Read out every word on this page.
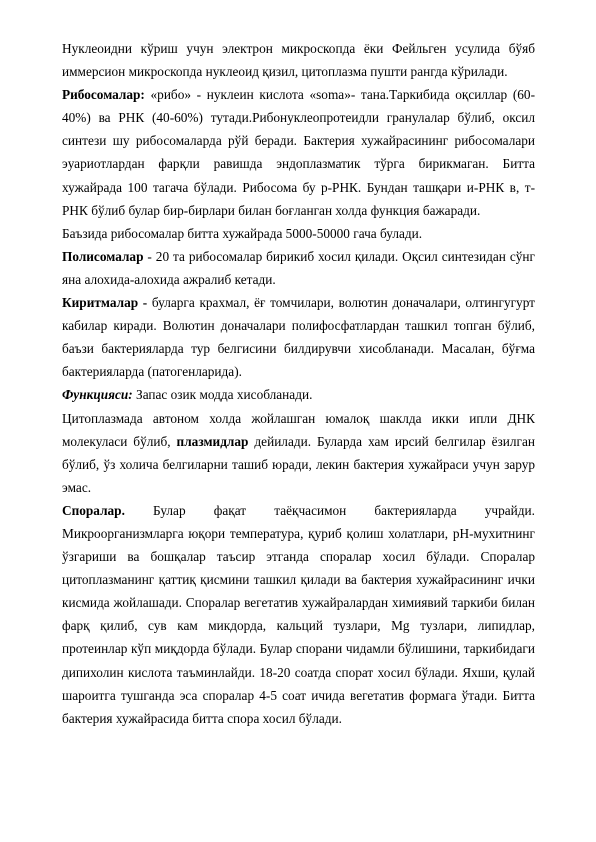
Нуклеоидни кўриш учун электрон микроскопда ёки Фейльген усулида бўяб иммерсион микроскопда нуклеоид қизил, цитоплазма пушти рангда кўрилади.

Рибосомалар: «рибо» - нуклеин кислота «soma»- тана.Таркибида оқсиллар (60-40%) ва РНК (40-60%) тутади.Рибонуклеопротеидли гранулалар бўлиб, оксил синтези шу рибосомаларда рўй беради. Бактерия хужайрасининг рибосомалари эуариотлардан фарқли равишда эндоплазматик тўрга бирикмаган. Битта хужайрада 100 тагача бўлади. Рибосома бу р-РНК. Бундан ташқари и-РНК в, т-РНК бўлиб булар бир-бирлари билан боғланган холда функция бажаради.

Баъзида рибосомалар битта хужайрада 5000-50000 гача булади.

Полисомалар - 20 та рибосомалар бирикиб хосил қилади. Оқсил синтезидан сўнг яна алохида-алохида ажралиб кетади.

Киритмалар - буларга крахмал, ёғ томчилари, волютин доначалари, олтингугурт кабилар киради. Волютин доначалари полифосфатлардан ташкил топган бўлиб, баъзи бактерияларда тур белгисини билдирувчи хисобланади. Масалан, бўғма бактерияларда (патогенларида).

Функцияси: Запас озик модда хисобланади.

Цитоплазмада автоном холда жойлашган юмалоқ шаклда икки ипли ДНК молекуласи бўлиб, плазмидлар дейилади. Буларда хам ирсий белгилар ёзилган бўлиб, ўз холича белгиларни ташиб юради, лекин бактерия хужайраси учун зарур эмас.

Споралар. Булар фақат таёқчасимон бактерияларда учрайди. Микроорганизмларга юқори температура, қуриб қолиш холатлари, рН-мухитнинг ўзгариши ва бошқалар таъсир этганда споралар хосил бўлади. Споралар цитоплазманинг қаттиқ қисмини ташкил қилади ва бактерия хужайрасининг ички кисмида жойлашади. Споралар вегетатив хужайралардан химиявий таркиби билан фарқ қилиб, сув кам микдорда, кальций тузлари, Mg тузлари, липидлар, протеинлар кўп миқдорда бўлади. Булар спорани чидамли бўлишини, таркибидаги дипихолин кислота таъминлайди. 18-20 соатда спорат хосил бўлади. Яхши, қулай шароитга тушганда эса споралар 4-5 соат ичида вегетатив формага ўтади. Битта бактерия хужайрасида битта спора хосил бўлади.
